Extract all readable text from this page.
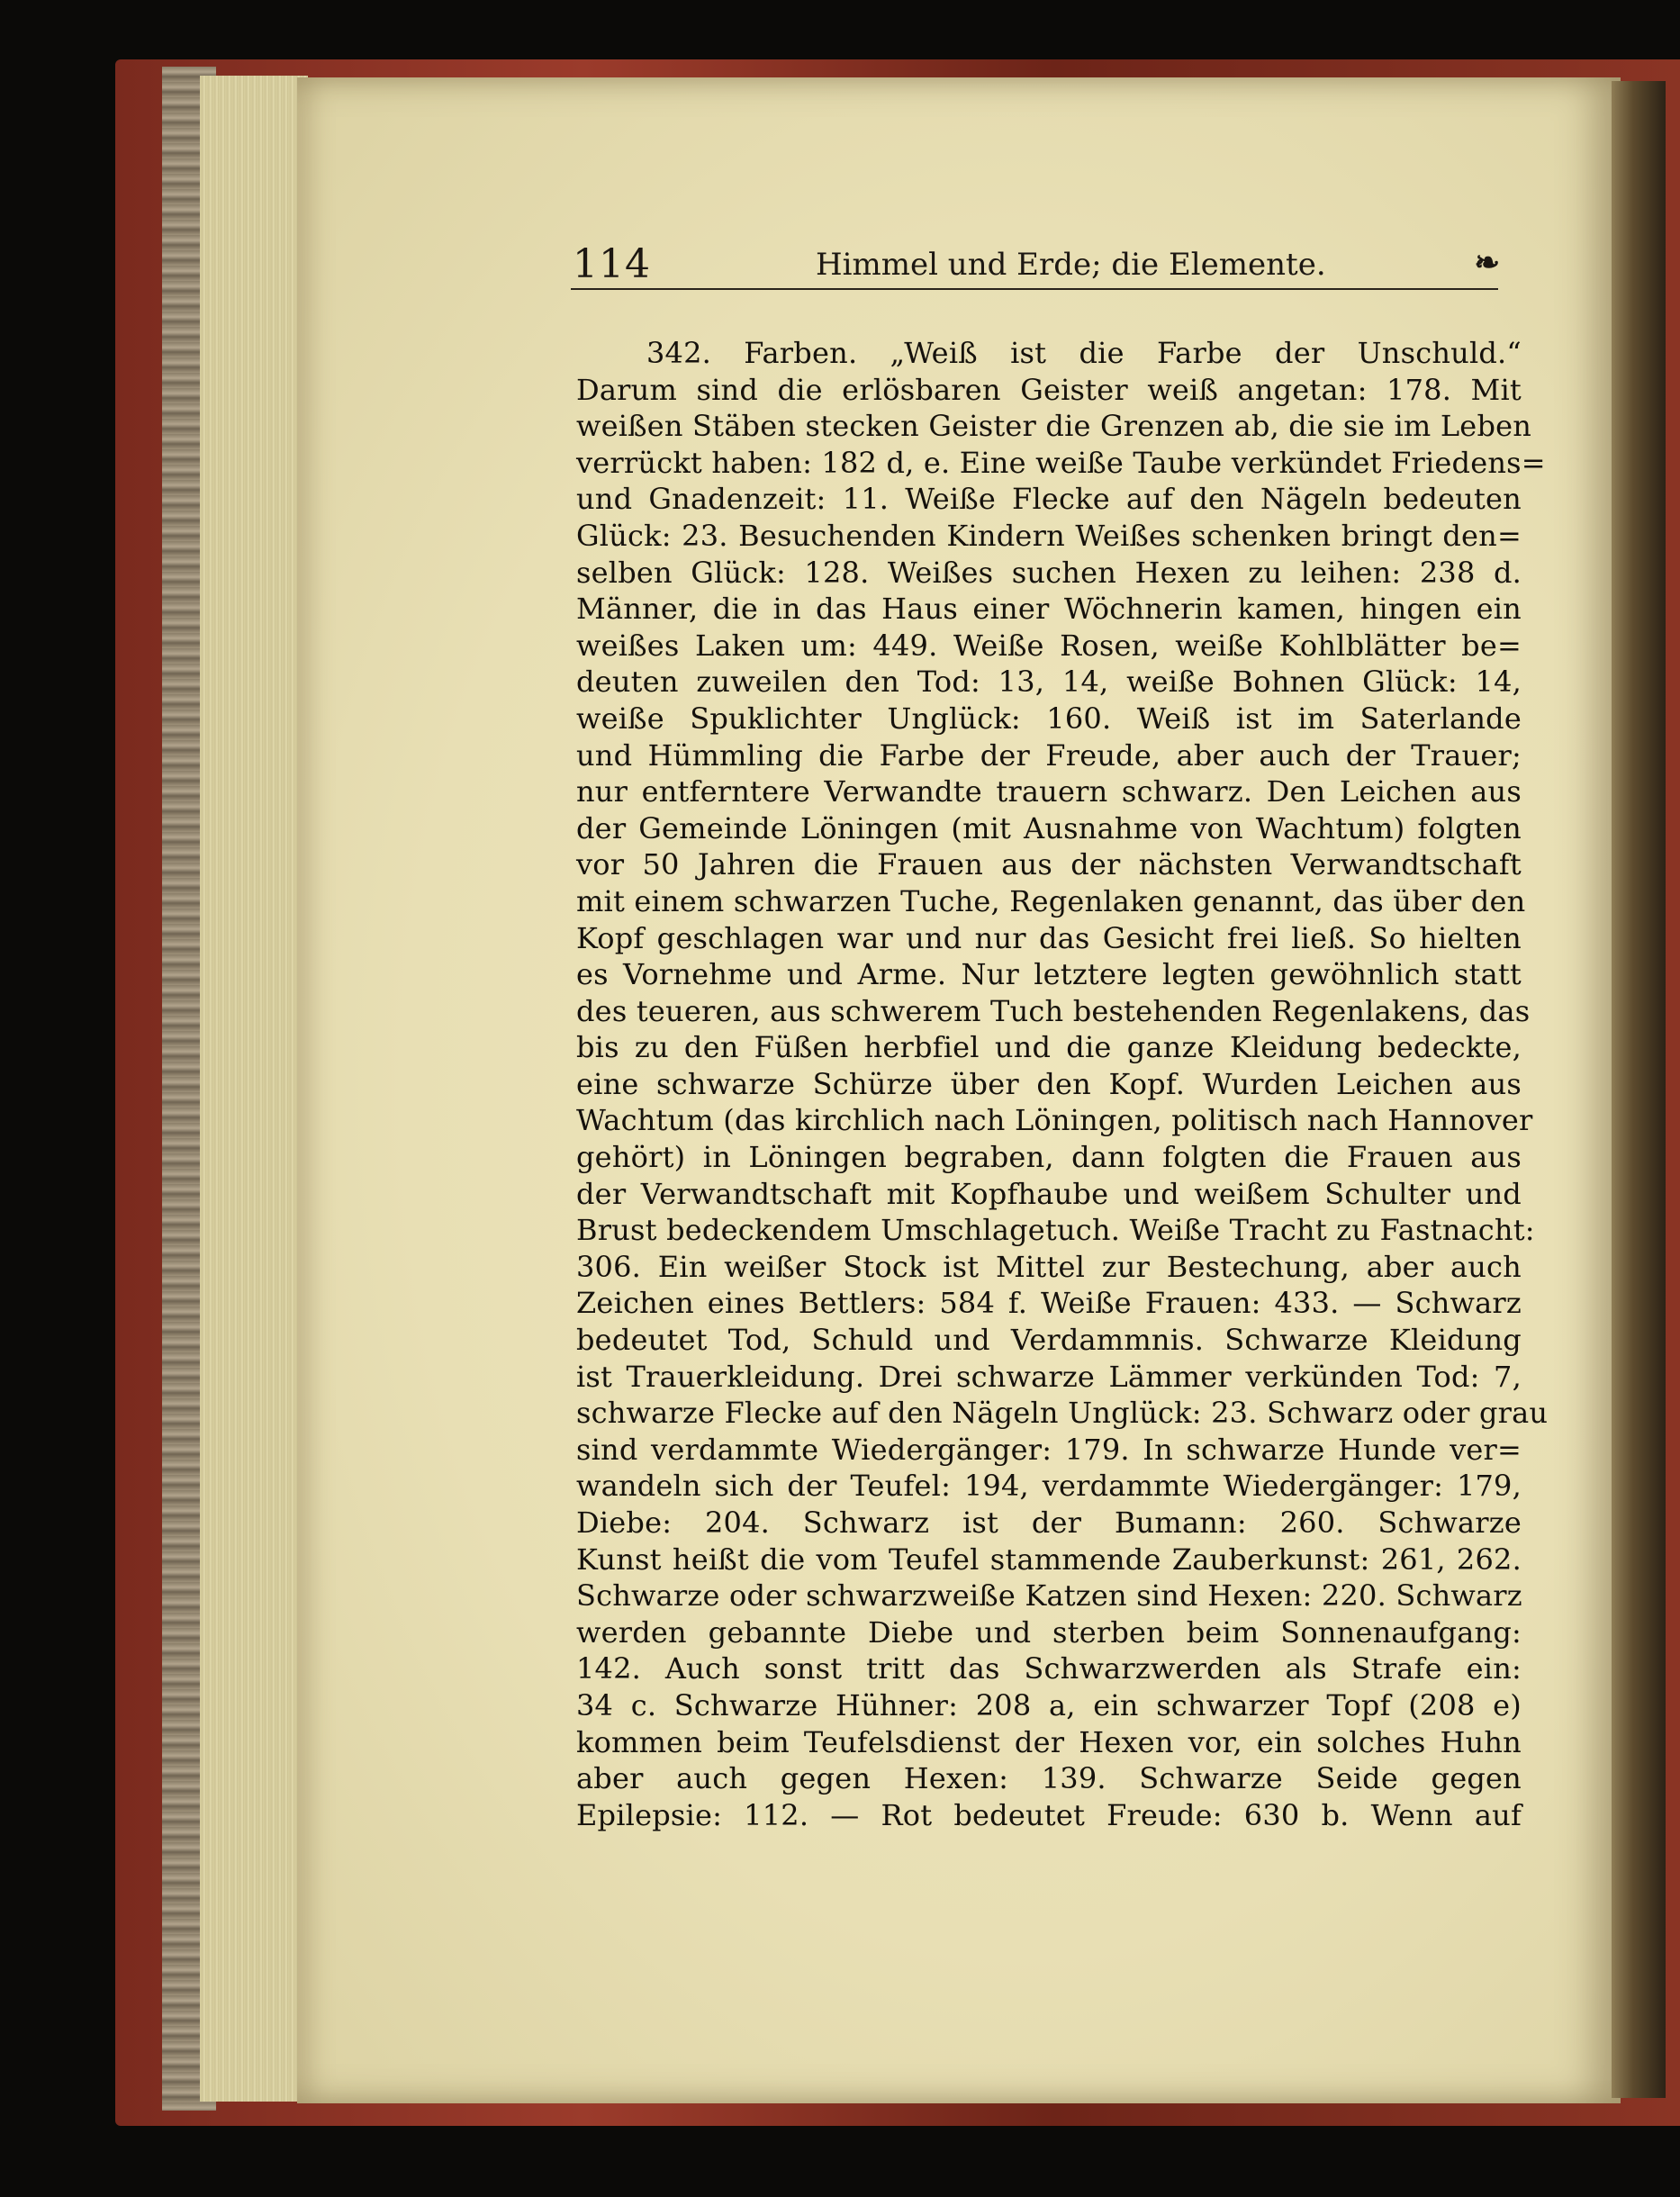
114	Himmel und Erde; die Elemente.	❧
342. Farben. „Weiß ist die Farbe der Unschuld.“
Darum sind die erlösbaren Geister weiß angetan: 178. Mit
weißen Stäben stecken Geister die Grenzen ab, die sie im Leben
verrückt haben: 182 d, e. Eine weiße Taube verkündet Friedens=
und Gnadenzeit: 11. Weiße Flecke auf den Nägeln bedeuten
Glück: 23. Besuchenden Kindern Weißes schenken bringt den=
selben Glück: 128. Weißes suchen Hexen zu leihen: 238 d.
Männer, die in das Haus einer Wöchnerin kamen, hingen ein
weißes Laken um: 449. Weiße Rosen, weiße Kohlblätter be=
deuten zuweilen den Tod: 13, 14, weiße Bohnen Glück: 14,
weiße Spuklichter Unglück: 160. Weiß ist im Saterlande
und Hümmling die Farbe der Freude, aber auch der Trauer;
nur entferntere Verwandte trauern schwarz. Den Leichen aus
der Gemeinde Löningen (mit Ausnahme von Wachtum) folgten
vor 50 Jahren die Frauen aus der nächsten Verwandtschaft
mit einem schwarzen Tuche, Regenlaken genannt, das über den
Kopf geschlagen war und nur das Gesicht frei ließ. So hielten
es Vornehme und Arme. Nur letztere legten gewöhnlich statt
des teueren, aus schwerem Tuch bestehenden Regenlakens, das
bis zu den Füßen herbfiel und die ganze Kleidung bedeckte,
eine schwarze Schürze über den Kopf. Wurden Leichen aus
Wachtum (das kirchlich nach Löningen, politisch nach Hannover
gehört) in Löningen begraben, dann folgten die Frauen aus
der Verwandtschaft mit Kopfhaube und weißem Schulter und
Brust bedeckendem Umschlagetuch. Weiße Tracht zu Fastnacht:
306. Ein weißer Stock ist Mittel zur Bestechung, aber auch
Zeichen eines Bettlers: 584 f. Weiße Frauen: 433. — Schwarz
bedeutet Tod, Schuld und Verdammnis. Schwarze Kleidung
ist Trauerkleidung. Drei schwarze Lämmer verkünden Tod: 7,
schwarze Flecke auf den Nägeln Unglück: 23. Schwarz oder grau
sind verdammte Wiedergänger: 179. In schwarze Hunde ver=
wandeln sich der Teufel: 194, verdammte Wiedergänger: 179,
Diebe: 204. Schwarz ist der Bumann: 260. Schwarze
Kunst heißt die vom Teufel stammende Zauberkunst: 261, 262.
Schwarze oder schwarzweiße Katzen sind Hexen: 220. Schwarz
werden gebannte Diebe und sterben beim Sonnenaufgang:
142. Auch sonst tritt das Schwarzwerden als Strafe ein:
34 c. Schwarze Hühner: 208 a, ein schwarzer Topf (208 e)
kommen beim Teufelsdienst der Hexen vor, ein solches Huhn
aber auch gegen Hexen: 139. Schwarze Seide gegen
Epilepsie: 112. — Rot bedeutet Freude: 630 b. Wenn auf
